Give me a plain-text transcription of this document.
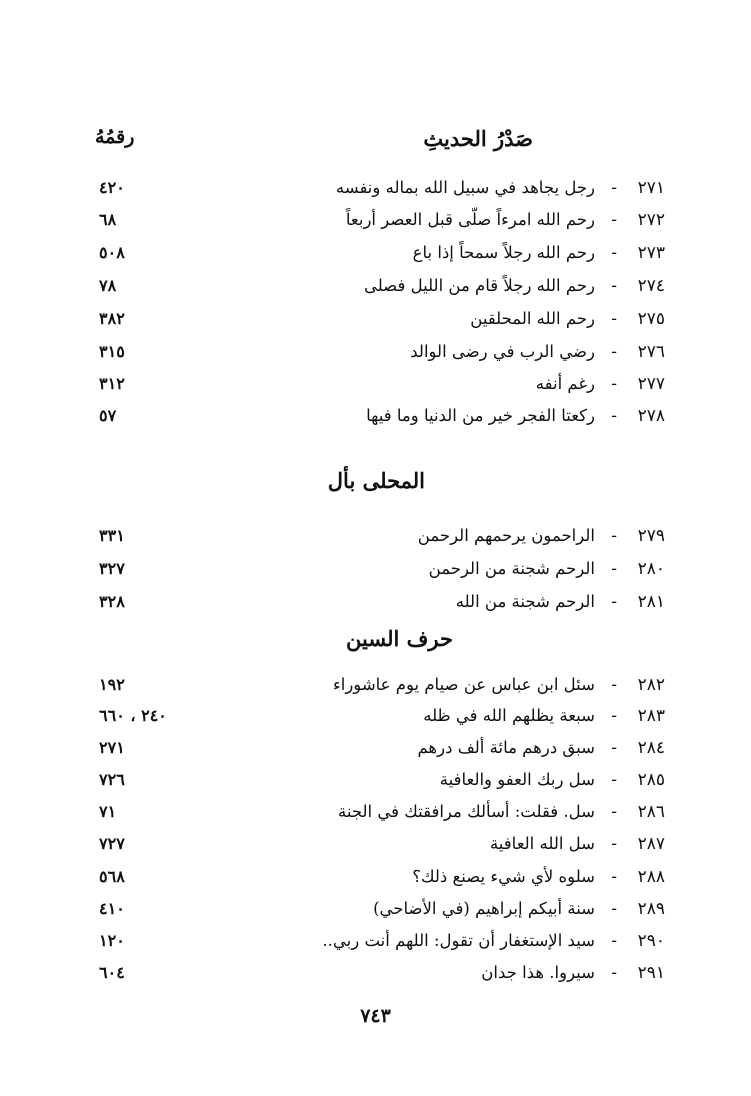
صَدْرُ الحديثِ
رقمُهُ
٢٧١
-
رجل يجاهد في سبيل الله بماله ونفسه
٤٢٠
٢٧٢
-
رحم الله امرءاً صلّى قبل العصر أربعاً
٦٨
٢٧٣
-
رحم الله رجلاً سمحاً إذا باع
٥٠٨
٢٧٤
-
رحم الله رجلاً قام من الليل فصلى
٧٨
٢٧٥
-
رحم الله المحلقين
٣٨٢
٢٧٦
-
رضي الرب في رضى الوالد
٣١٥
٢٧٧
-
رغم أنفه
٣١٢
٢٧٨
-
ركعتا الفجر خير من الدنيا وما فيها
٥٧
المحلى بأل
٢٧٩
-
الراحمون يرحمهم الرحمن
٣٣١
٢٨٠
-
الرحم شجنة من الرحمن
٣٢٧
٢٨١
-
الرحم شجنة من الله
٣٢٨
حرف السين
٢٨٢
-
سئل ابن عباس عن صيام يوم عاشوراء
١٩٢
٢٨٣
-
سبعة يظلهم الله في ظله
٢٤٠ ، ٦٦٠
٢٨٤
-
سبق درهم مائة ألف درهم
٢٧١
٢٨٥
-
سل ربك العفو والعافية
٧٢٦
٢٨٦
-
سل. فقلت: أسألك مرافقتك في الجنة
٧١
٢٨٧
-
سل الله العافية
٧٢٧
٢٨٨
-
سلوه لأي شيء يصنع ذلك؟
٥٦٨
٢٨٩
-
سنة أبيكم إبراهيم (في الأضاحي)
٤١٠
٢٩٠
-
سيد الإستغفار أن تقول: اللهم أنت ربي..
١٢٠
٢٩١
-
سيروا. هذا جدان
٦٠٤
٧٤٣
